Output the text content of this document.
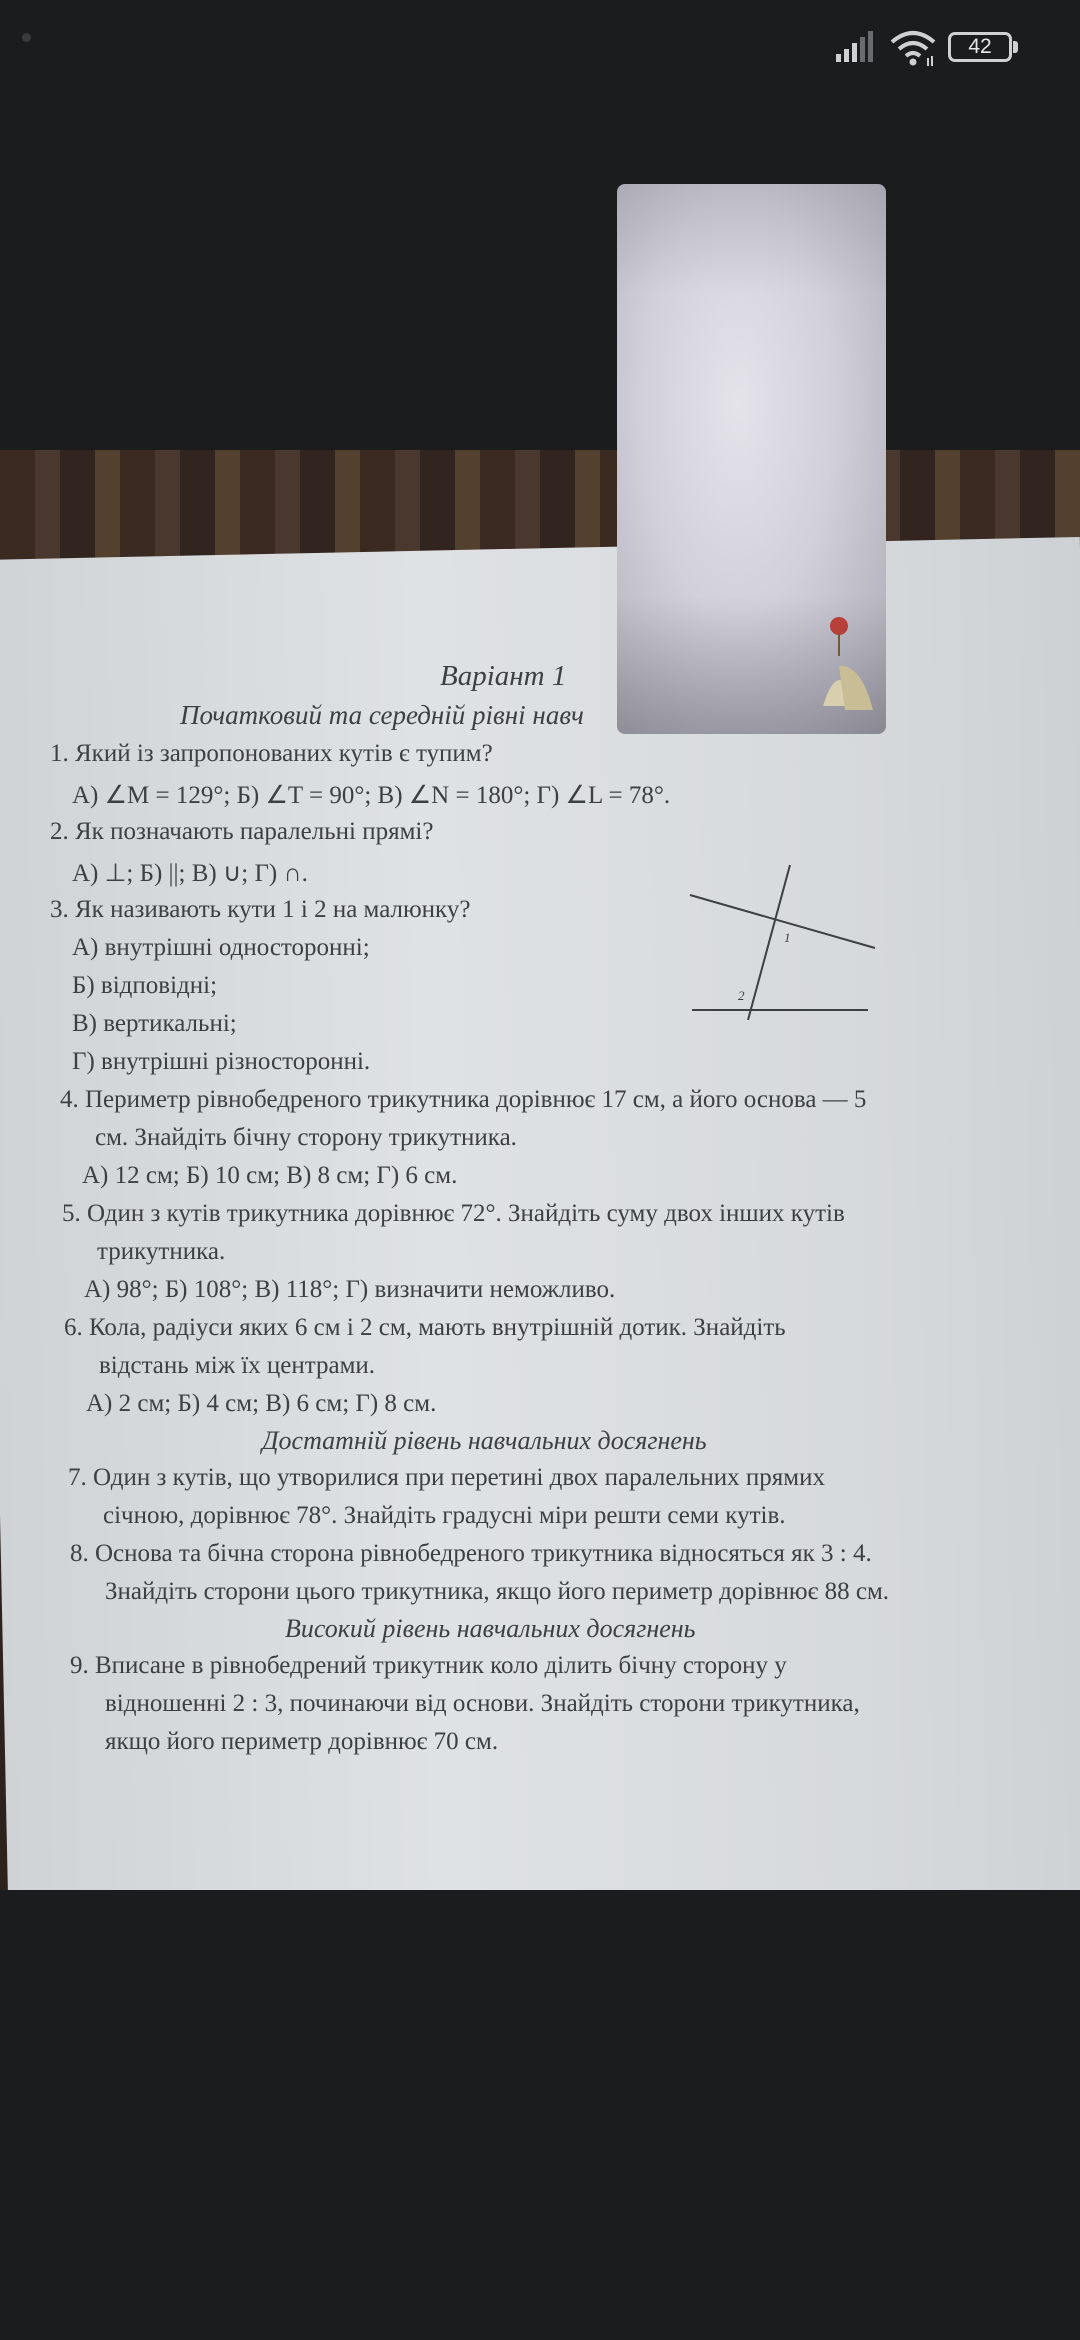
42
Варіант 1
Початковий та середній рівні навч
1. Який із запропонованих кутів є тупим?
А) ∠M = 129°; Б) ∠T = 90°; В) ∠N = 180°; Г) ∠L = 78°.
2. Як позначають паралельні прямі?
А) ⊥; Б) ||; В) ∪; Г) ∩.
3. Як називають кути 1 і 2 на малюнку?
А) внутрішні односторонні;
Б) відповідні;
В) вертикальні;
Г) внутрішні різносторонні.
1
2
4. Периметр рівнобедреного трикутника дорівнює 17 см, а його основа — 5
см. Знайдіть бічну сторону трикутника.
А) 12 см; Б) 10 см; В) 8 см; Г) 6 см.
5. Один з кутів трикутника дорівнює 72°. Знайдіть суму двох інших кутів
трикутника.
А) 98°; Б) 108°; В) 118°; Г) визначити неможливо.
6. Кола, радіуси яких 6 см і 2 см, мають внутрішній дотик. Знайдіть
відстань між їх центрами.
А) 2 см; Б) 4 см; В) 6 см; Г) 8 см.
Достатній рівень навчальних досягнень
7. Один з кутів, що утворилися при перетині двох паралельних прямих
січною, дорівнює 78°. Знайдіть градусні міри решти семи кутів.
8. Основа та бічна сторона рівнобедреного трикутника відносяться як 3 : 4.
Знайдіть сторони цього трикутника, якщо його периметр дорівнює 88 см.
Високий рівень навчальних досягнень
9. Вписане в рівнобедрений трикутник коло ділить бічну сторону у
відношенні 2 : 3, починаючи від основи. Знайдіть сторони трикутника,
якщо його периметр дорівнює 70 см.
